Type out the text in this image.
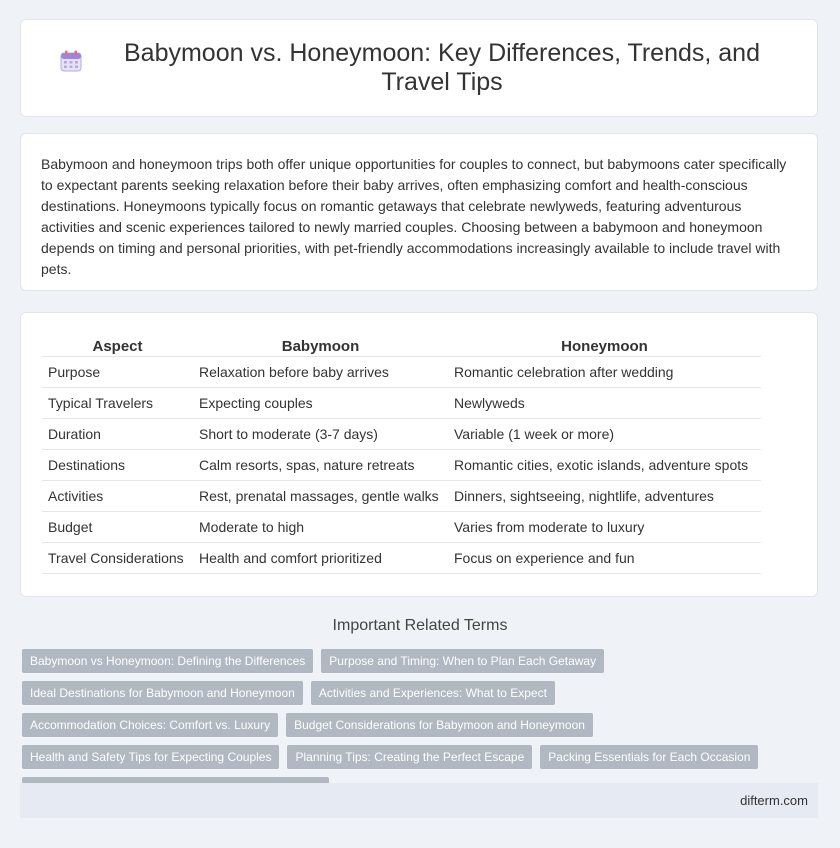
Babymoon vs. Honeymoon: Key Differences, Trends, and Travel Tips

Babymoon and honeymoon trips both offer unique opportunities for couples to connect, but babymoons cater specifically to expectant parents seeking relaxation before their baby arrives, often emphasizing comfort and health-conscious destinations. Honeymoons typically focus on romantic getaways that celebrate newlyweds, featuring adventurous activities and scenic experiences tailored to newly married couples. Choosing between a babymoon and honeymoon depends on timing and personal priorities, with pet-friendly accommodations increasingly available to include travel with pets.

Aspect	Babymoon	Honeymoon
Purpose	Relaxation before baby arrives	Romantic celebration after wedding
Typical Travelers	Expecting couples	Newlyweds
Duration	Short to moderate (3-7 days)	Variable (1 week or more)
Destinations	Calm resorts, spas, nature retreats	Romantic cities, exotic islands, adventure spots
Activities	Rest, prenatal massages, gentle walks	Dinners, sightseeing, nightlife, adventures
Budget	Moderate to high	Varies from moderate to luxury
Travel Considerations	Health and comfort prioritized	Focus on experience and fun
Important Related Terms
Babymoon vs Honeymoon: Defining the Differences	Purpose and Timing: When to Plan Each Getaway
Ideal Destinations for Babymoon and Honeymoon	Activities and Experiences: What to Expect
Accommodation Choices: Comfort vs. Luxury	Budget Considerations for Babymoon and Honeymoon
Health and Safety Tips for Expecting Couples	Planning Tips: Creating the Perfect Escape	Packing Essentials for Each Occasion
difterm.com
